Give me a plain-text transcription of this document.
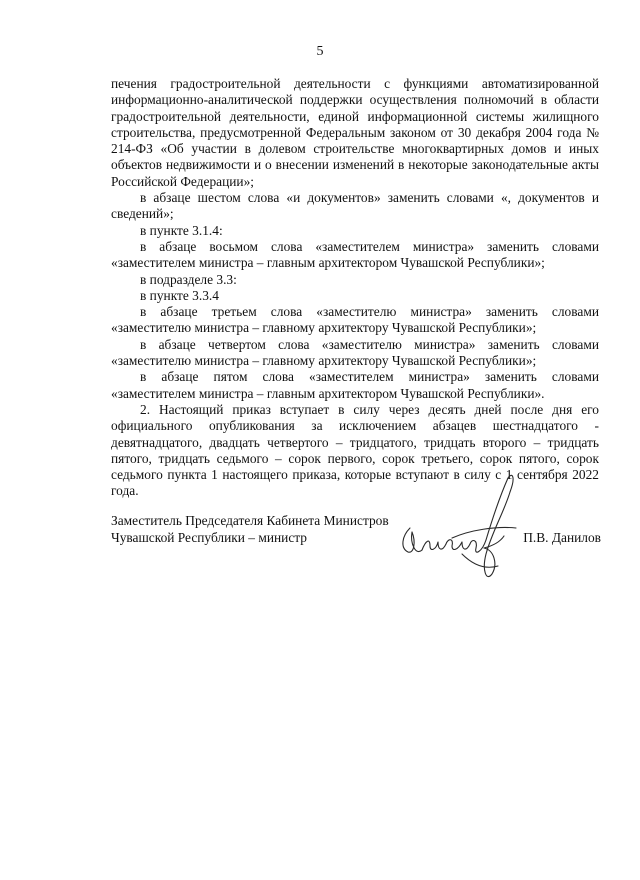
5

печения градостроительной деятельности с функциями автоматизированной информационно-аналитической поддержки осуществления полномочий в области градостроительной деятельности, единой информационной системы жилищного строительства, предусмотренной Федеральным законом от 30 декабря 2004 года № 214-ФЗ «Об участии в долевом строительстве многоквартирных домов и иных объектов недвижимости и о внесении изменений в некоторые законодательные акты Российской Федерации»;

в абзаце шестом слова «и документов» заменить словами «, документов и сведений»;

в пункте 3.1.4:

в абзаце восьмом слова «заместителем министра» заменить словами «заместителем министра – главным архитектором Чувашской Республики»;

в подразделе 3.3:

в пункте 3.3.4

в абзаце третьем слова «заместителю министра» заменить словами «заместителю министра – главному архитектору Чувашской Республики»;

в абзаце четвертом слова «заместителю министра» заменить словами «заместителю министра – главному архитектору Чувашской Республики»;

в абзаце пятом слова «заместителем министра» заменить словами «заместителем министра – главным архитектором Чувашской Республики».

2. Настоящий приказ вступает в силу через десять дней после дня его официального опубликования за исключением абзацев шестнадцатого - девятнадцатого, двадцать четвертого – тридцатого, тридцать второго – тридцать пятого, тридцать седьмого – сорок первого, сорок третьего, сорок пятого, сорок седьмого пункта 1 настоящего приказа, которые вступают в силу с 1 сентября 2022 года.

Заместитель Председателя Кабинета Министров
Чувашской Республики – министр	П.В. Данилов
